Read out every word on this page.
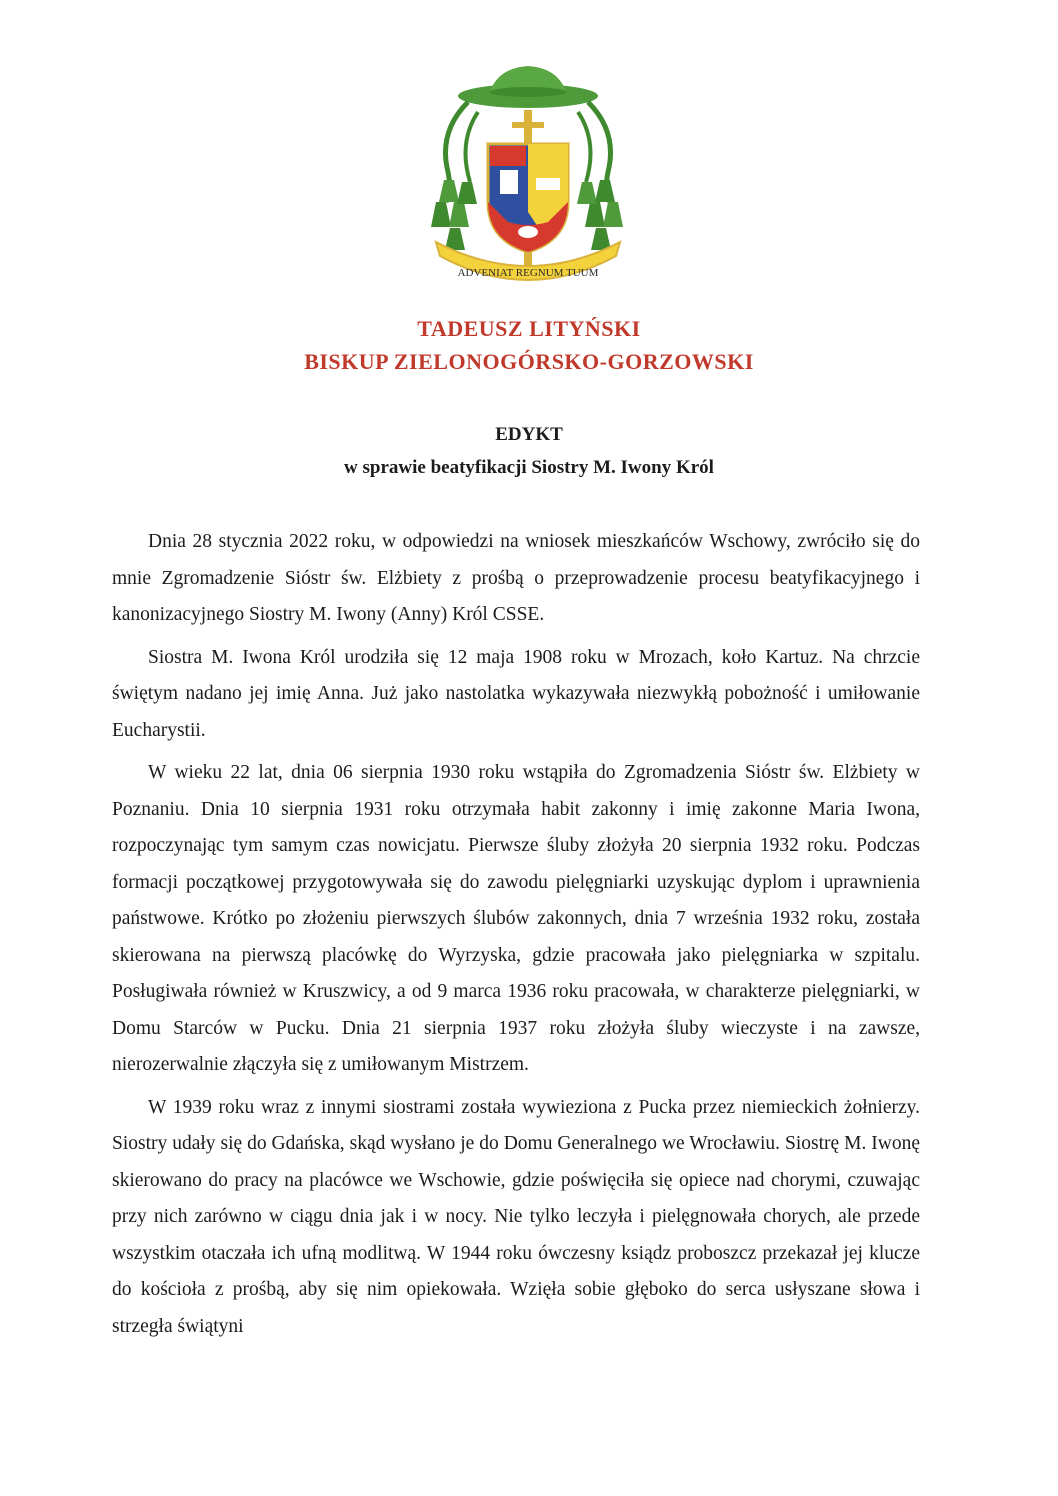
ADVENIAT REGNUM TUUM
TADEUSZ LITYŃSKI
BISKUP ZIELONOGÓRSKO-GORZOWSKI
EDYKT
w sprawie beatyfikacji Siostry M. Iwony Król

Dnia 28 stycznia 2022 roku, w odpowiedzi na wniosek mieszkańców Wschowy, zwróciło się do mnie Zgromadzenie Sióstr św. Elżbiety z prośbą o przeprowadzenie procesu beatyfikacyjnego i kanonizacyjnego Siostry M. Iwony (Anny) Król CSSE.

Siostra M. Iwona Król urodziła się 12 maja 1908 roku w Mrozach, koło Kartuz. Na chrzcie świętym nadano jej imię Anna. Już jako nastolatka wykazywała niezwykłą pobożność i umiłowanie Eucharystii.

W wieku 22 lat, dnia 06 sierpnia 1930 roku wstąpiła do Zgromadzenia Sióstr św. Elżbiety w Poznaniu. Dnia 10 sierpnia 1931 roku otrzymała habit zakonny i imię zakonne Maria Iwona, rozpoczynając tym samym czas nowicjatu. Pierwsze śluby złożyła 20 sierpnia 1932 roku. Podczas formacji początkowej przygotowywała się do zawodu pielęgniarki uzyskując dyplom i uprawnienia państwowe. Krótko po złożeniu pierwszych ślubów zakonnych, dnia 7 września 1932 roku, została skierowana na pierwszą placówkę do Wyrzyska, gdzie pracowała jako pielęgniarka w szpitalu. Posługiwała również w Kruszwicy, a od 9 marca 1936 roku pracowała, w charakterze pielęgniarki, w Domu Starców w Pucku. Dnia 21 sierpnia 1937 roku złożyła śluby wieczyste i na zawsze, nierozerwalnie złączyła się z umiłowanym Mistrzem.

W 1939 roku wraz z innymi siostrami została wywieziona z Pucka przez niemieckich żołnierzy. Siostry udały się do Gdańska, skąd wysłano je do Domu Generalnego we Wrocławiu. Siostrę M. Iwonę skierowano do pracy na placówce we Wschowie, gdzie poświęciła się opiece nad chorymi, czuwając przy nich zarówno w ciągu dnia jak i w nocy. Nie tylko leczyła i pielęgnowała chorych, ale przede wszystkim otaczała ich ufną modlitwą. W 1944 roku ówczesny ksiądz proboszcz przekazał jej klucze do kościoła z prośbą, aby się nim opiekowała. Wzięła sobie głęboko do serca usłyszane słowa i strzegła świątyni
